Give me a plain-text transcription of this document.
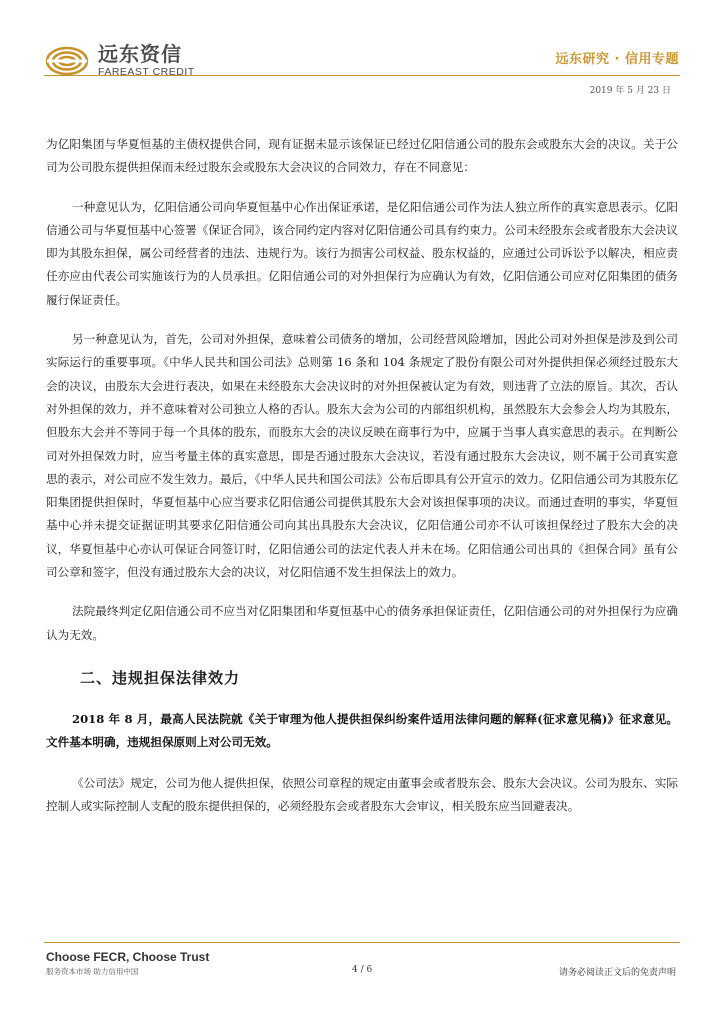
远东资信
FAREAST CREDIT
远东研究 · 信用专题
2019 年 5 月 23 日

为亿阳集团与华夏恒基的主债权提供合同，现有证据未显示该保证已经过亿阳信通公司的股东会或股东大会的决议。关于公司为公司股东提供担保而未经过股东会或股东大会决议的合同效力，存在不同意见：

一种意见认为，亿阳信通公司向华夏恒基中心作出保证承诺，是亿阳信通公司作为法人独立所作的真实意思表示。亿阳信通公司与华夏恒基中心签署《保证合同》，该合同约定内容对亿阳信通公司具有约束力。公司未经股东会或者股东大会决议即为其股东担保，属公司经营者的违法、违规行为。该行为损害公司权益、股东权益的，应通过公司诉讼予以解决，相应责任亦应由代表公司实施该行为的人员承担。亿阳信通公司的对外担保行为应确认为有效，亿阳信通公司应对亿阳集团的债务履行保证责任。

另一种意见认为，首先，公司对外担保，意味着公司债务的增加，公司经营风险增加，因此公司对外担保是涉及到公司实际运行的重要事项。《中华人民共和国公司法》总则第 16 条和 104 条规定了股份有限公司对外提供担保必须经过股东大会的决议，由股东大会进行表决，如果在未经股东大会决议时的对外担保被认定为有效，则违背了立法的原旨。其次，否认对外担保的效力，并不意味着对公司独立人格的否认。股东大会为公司的内部组织机构，虽然股东大会参会人均为其股东，但股东大会并不等同于每一个具体的股东，而股东大会的决议反映在商事行为中，应属于当事人真实意思的表示。在判断公司对外担保效力时，应当考量主体的真实意思，即是否通过股东大会决议，若没有通过股东大会决议，则不属于公司真实意思的表示，对公司应不发生效力。最后，《中华人民共和国公司法》公布后即具有公开宣示的效力。亿阳信通公司为其股东亿阳集团提供担保时，华夏恒基中心应当要求亿阳信通公司提供其股东大会对该担保事项的决议。而通过查明的事实，华夏恒基中心并未提交证据证明其要求亿阳信通公司向其出具股东大会决议，亿阳信通公司亦不认可该担保经过了股东大会的决议，华夏恒基中心亦认可保证合同签订时，亿阳信通公司的法定代表人并未在场。亿阳信通公司出具的《担保合同》虽有公司公章和签字，但没有通过股东大会的决议，对亿阳信通不发生担保法上的效力。

法院最终判定亿阳信通公司不应当对亿阳集团和华夏恒基中心的债务承担保证责任，亿阳信通公司的对外担保行为应确认为无效。

二、违规担保法律效力

2018 年 8 月，最高人民法院就《关于审理为他人提供担保纠纷案件适用法律问题的解释(征求意见稿)》征求意见。文件基本明确，违规担保原则上对公司无效。

《公司法》规定，公司为他人提供担保，依照公司章程的规定由董事会或者股东会、股东大会决议。公司为股东、实际控制人或实际控制人支配的股东提供担保的，必须经股东会或者股东大会审议，相关股东应当回避表决。

Choose FECR, Choose Trust
服务资本市场 助力信用中国	4 / 6	请务必阅读正文后的免责声明
